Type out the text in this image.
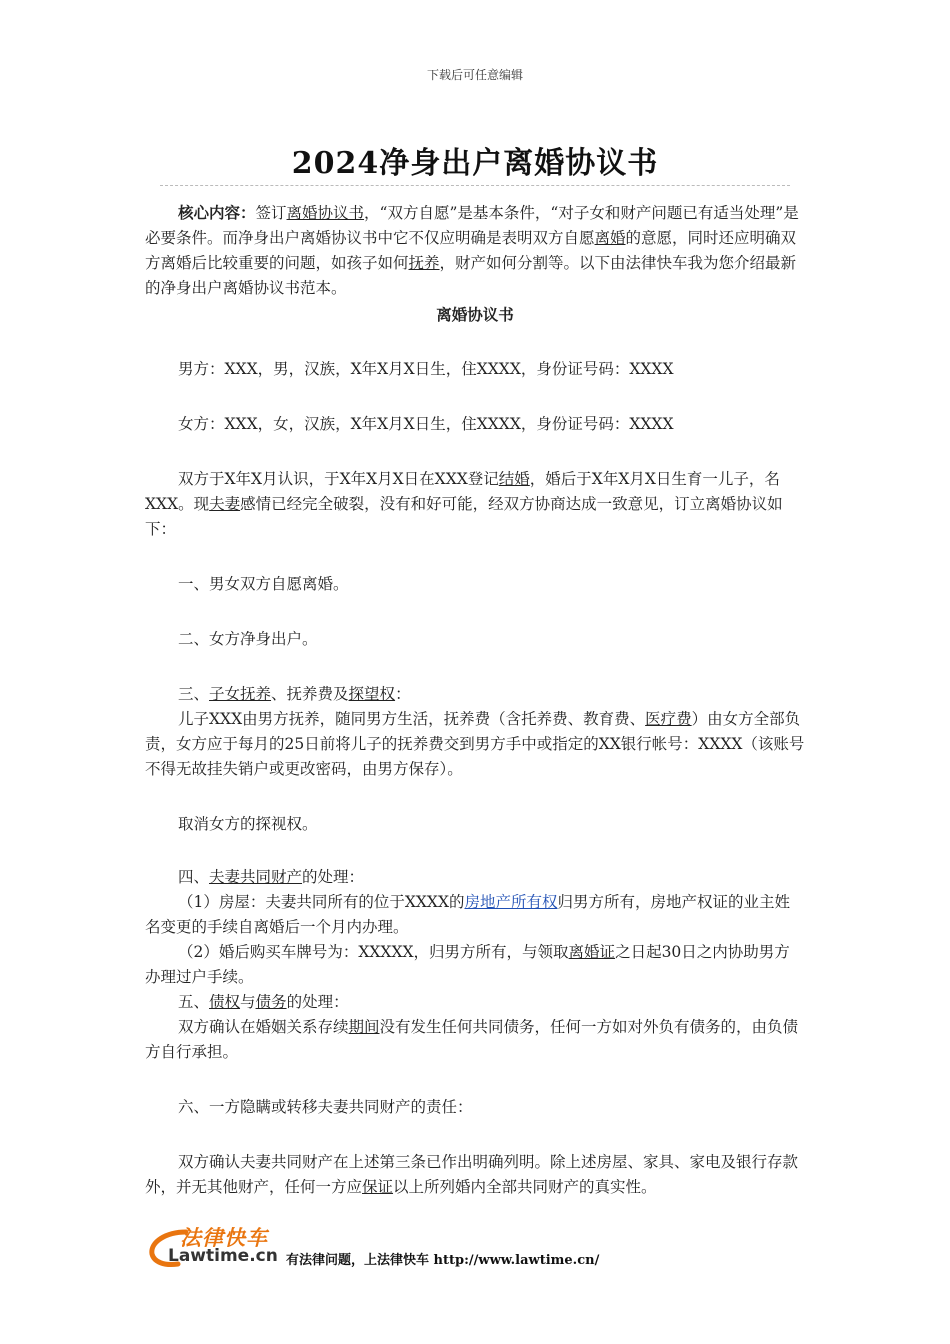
下载后可任意编辑
2024净身出户离婚协议书

核心内容：签订离婚协议书，“双方自愿”是基本条件，“对子女和财产问题已有适当处理”是必要条件。而净身出户离婚协议书中它不仅应明确是表明双方自愿离婚的意愿，同时还应明确双方离婚后比较重要的问题，如孩子如何抚养，财产如何分割等。以下由法律快车我为您介绍最新的净身出户离婚协议书范本。

离婚协议书

男方：XXX，男，汉族，X年X月X日生，住XXXX，身份证号码：XXXX

女方：XXX，女，汉族，X年X月X日生，住XXXX，身份证号码：XXXX

双方于X年X月认识，于X年X月X日在XXX登记结婚，婚后于X年X月X日生育一儿子，名XXX。现夫妻感情已经完全破裂，没有和好可能，经双方协商达成一致意见，订立离婚协议如下：

一、男女双方自愿离婚。

二、女方净身出户。

三、子女抚养、抚养费及探望权：

儿子XXX由男方抚养，随同男方生活，抚养费（含托养费、教育费、医疗费）由女方全部负责，女方应于每月的25日前将儿子的抚养费交到男方手中或指定的XX银行帐号：XXXX（该账号不得无故挂失销户或更改密码，由男方保存）。

取消女方的探视权。

四、夫妻共同财产的处理：

（1）房屋：夫妻共同所有的位于XXXX的房地产所有权归男方所有，房地产权证的业主姓名变更的手续自离婚后一个月内办理。

（2）婚后购买车牌号为：XXXXX，归男方所有，与领取离婚证之日起30日之内协助男方办理过户手续。

五、债权与债务的处理：

双方确认在婚姻关系存续期间没有发生任何共同债务，任何一方如对外负有债务的，由负债方自行承担。

六、一方隐瞒或转移夫妻共同财产的责任：

双方确认夫妻共同财产在上述第三条已作出明确列明。除上述房屋、家具、家电及银行存款外，并无其他财产，任何一方应保证以上所列婚内全部共同财产的真实性。

法律快车
Lawtime.cn 有法律问题，上法律快车 http://www.lawtime.cn/
